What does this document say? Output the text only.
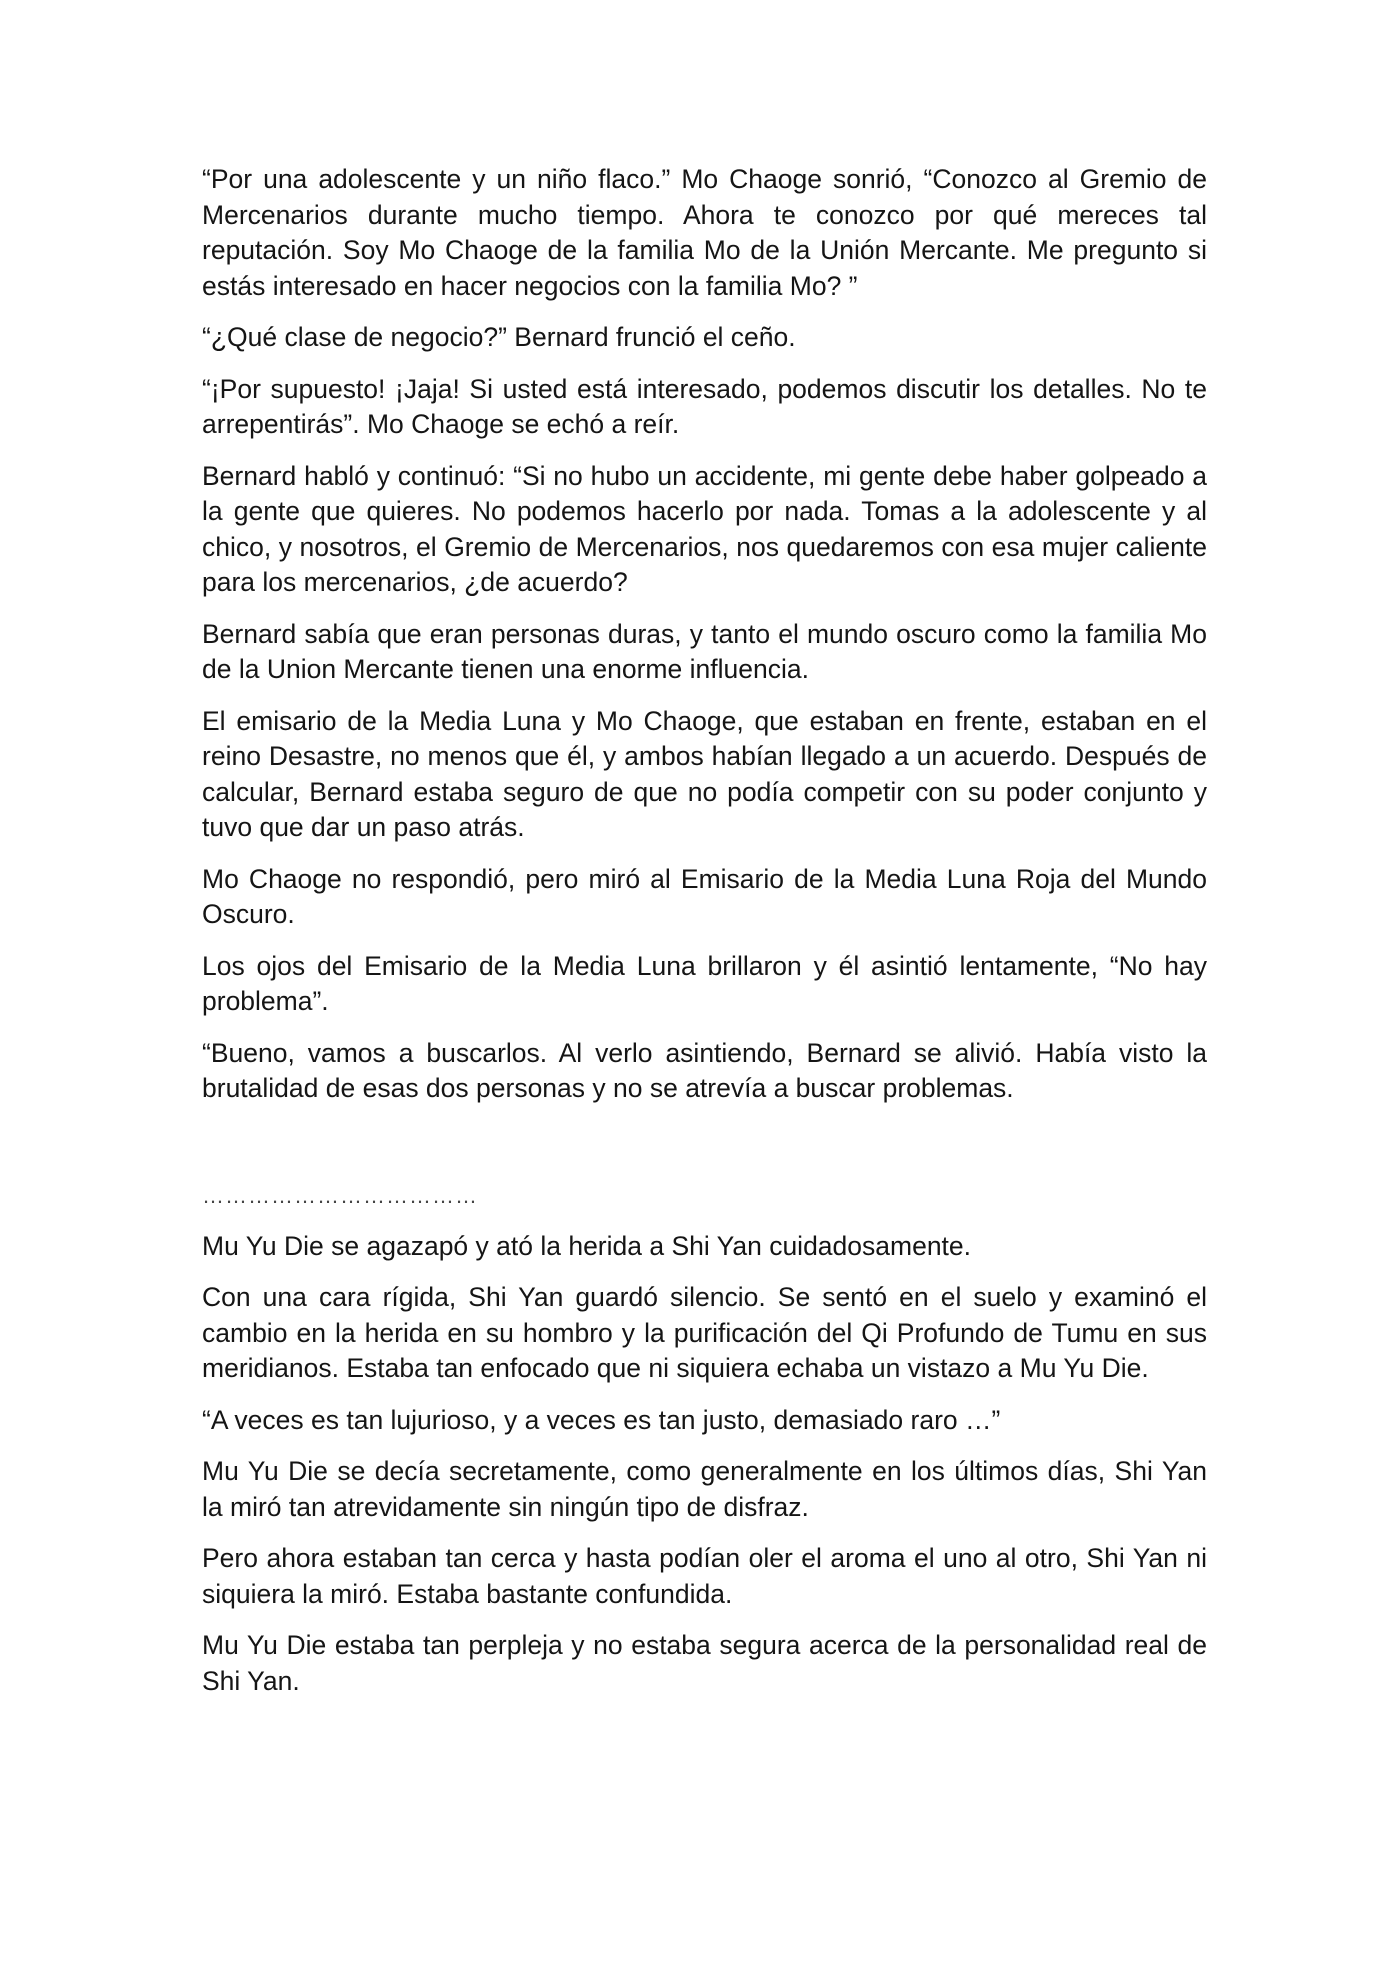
“Por una adolescente y un niño flaco.” Mo Chaoge sonrió, “Conozco al Gremio de Mercenarios durante mucho tiempo. Ahora te conozco por qué mereces tal reputación. Soy Mo Chaoge de la familia Mo de la Unión Mercante. Me pregunto si estás interesado en hacer negocios con la familia Mo? ”

“¿Qué clase de negocio?” Bernard frunció el ceño.

“¡Por supuesto! ¡Jaja! Si usted está interesado, podemos discutir los detalles. No te arrepentirás”. Mo Chaoge se echó a reír.

Bernard habló y continuó: “Si no hubo un accidente, mi gente debe haber golpeado a la gente que quieres. No podemos hacerlo por nada. Tomas a la adolescente y al chico, y nosotros, el Gremio de Mercenarios, nos quedaremos con esa mujer caliente para los mercenarios, ¿de acuerdo?

Bernard sabía que eran personas duras, y tanto el mundo oscuro como la familia Mo de la Union Mercante tienen una enorme influencia.

El emisario de la Media Luna y Mo Chaoge, que estaban en frente, estaban en el reino Desastre, no menos que él, y ambos habían llegado a un acuerdo. Después de calcular, Bernard estaba seguro de que no podía competir con su poder conjunto y tuvo que dar un paso atrás.

Mo Chaoge no respondió, pero miró al Emisario de la Media Luna Roja del Mundo Oscuro.

Los ojos del Emisario de la Media Luna brillaron y él asintió lentamente, “No hay problema”.

“Bueno, vamos a buscarlos. Al verlo asintiendo, Bernard se alivió. Había visto la brutalidad de esas dos personas y no se atrevía a buscar problemas.

………………………………

Mu Yu Die se agazapó y ató la herida a Shi Yan cuidadosamente.

Con una cara rígida, Shi Yan guardó silencio. Se sentó en el suelo y examinó el cambio en la herida en su hombro y la purificación del Qi Profundo de Tumu en sus meridianos. Estaba tan enfocado que ni siquiera echaba un vistazo a Mu Yu Die.

“A veces es tan lujurioso, y a veces es tan justo, demasiado raro …”

Mu Yu Die se decía secretamente, como generalmente en los últimos días, Shi Yan la miró tan atrevidamente sin ningún tipo de disfraz.

Pero ahora estaban tan cerca y hasta podían oler el aroma el uno al otro, Shi Yan ni siquiera la miró. Estaba bastante confundida.

Mu Yu Die estaba tan perpleja y no estaba segura acerca de la personalidad real de Shi Yan.
